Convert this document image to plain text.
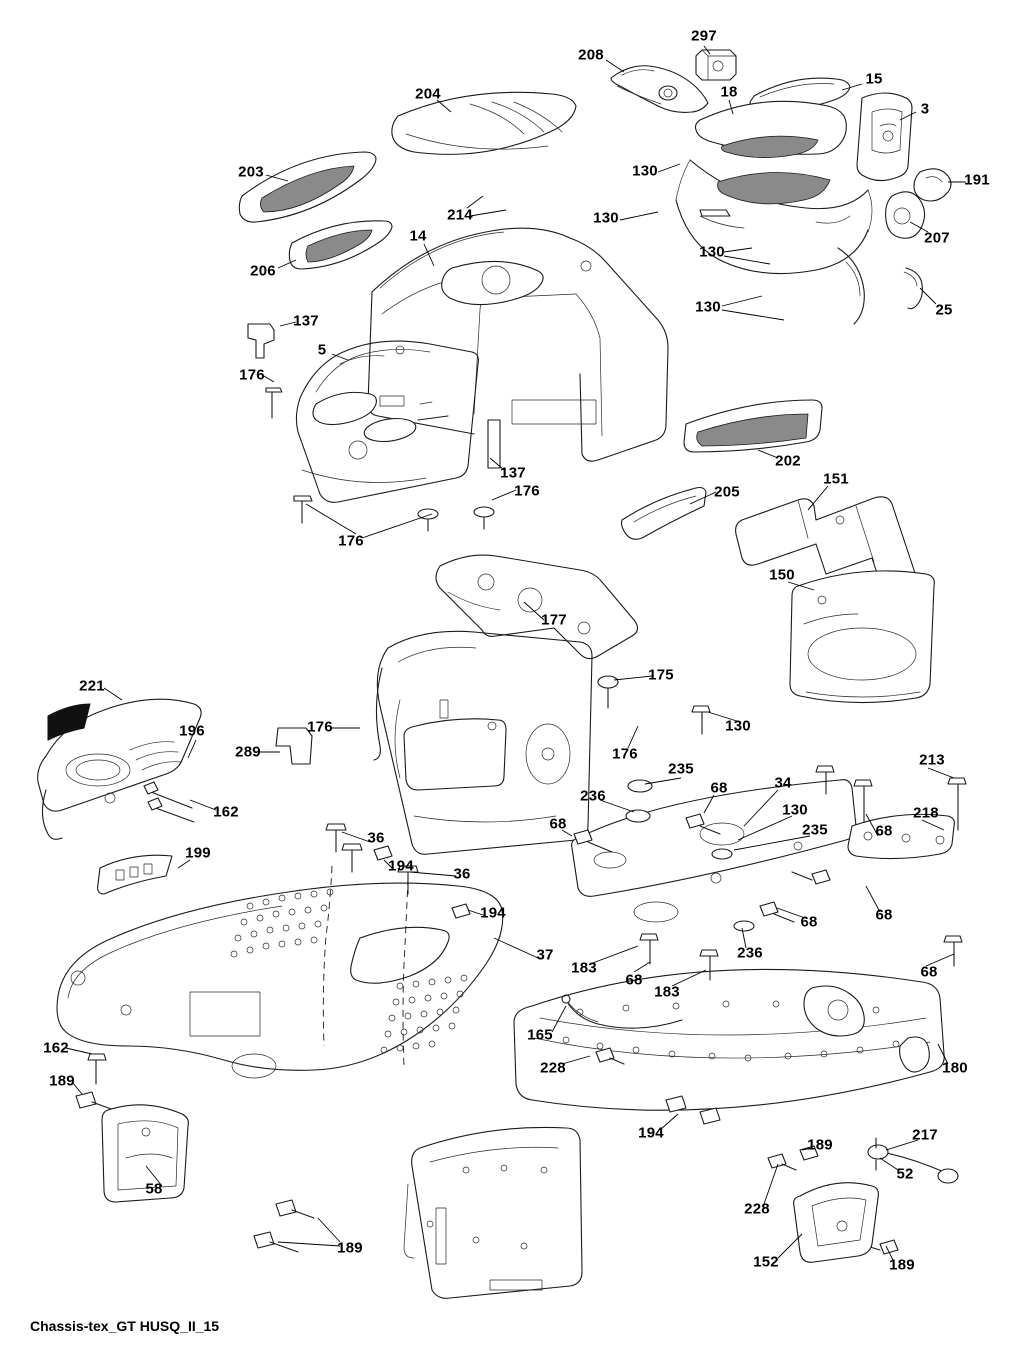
297
208
15
18
204
3
203	130
191
214	130
207
14
206
130
130	25
137
5
176
202
137
176
151
205
176
150
177
175
221
130
196	176
289	176
235
34
213
162
68
236
130	218
68	235
199
36
194	36
68
68	68
194
37	236
183
68
183
68
165
228	180
162
189
194	217
189
52
58
228
189
152	189
Chassis-tex_GT HUSQ_II_15
